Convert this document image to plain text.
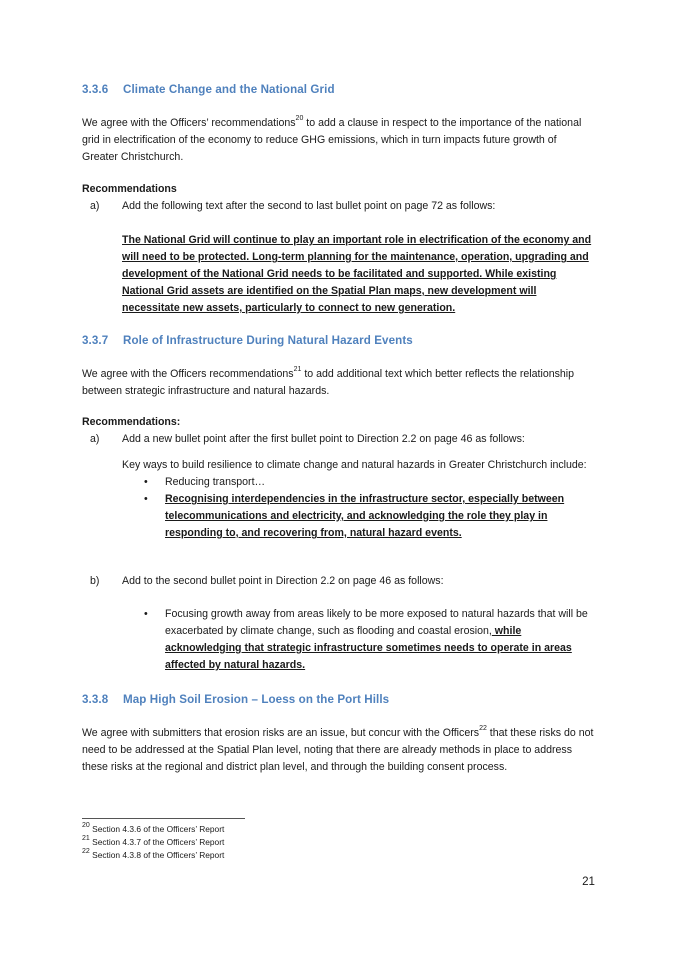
3.3.6 Climate Change and the National Grid

We agree with the Officers’ recommendations$^{20}$ to add a clause in respect to the importance of the national grid in electrification of the economy to reduce GHG emissions, which in turn impacts future growth of Greater Christchurch.

Recommendations
a)	Add the following text after the second to last bullet point on page 72 as follows:

The National Grid will continue to play an important role in electrification of the economy and will need to be protected. Long-term planning for the maintenance, operation, upgrading and development of the National Grid needs to be facilitated and supported. While existing National Grid assets are identified on the Spatial Plan maps, new development will necessitate new assets, particularly to connect to new generation.

3.3.7 Role of Infrastructure During Natural Hazard Events

We agree with the Officers recommendations$^{21}$ to add additional text which better reflects the relationship between strategic infrastructure and natural hazards.

Recommendations:
a)	Add a new bullet point after the first bullet point to Direction 2.2 on page 46 as follows:

Key ways to build resilience to climate change and natural hazards in Greater Christchurch include:

•	Reducing transport…
•	Recognising interdependencies in the infrastructure sector, especially between telecommunications and electricity, and acknowledging the role they play in responding to, and recovering from, natural hazard events.
b)	Add to the second bullet point in Direction 2.2 on page 46 as follows:
•	Focusing growth away from areas likely to be more exposed to natural hazards that will be exacerbated by climate change, such as flooding and coastal erosion, while acknowledging that strategic infrastructure sometimes needs to operate in areas affected by natural hazards.
3.3.8 Map High Soil Erosion – Loess on the Port Hills

We agree with submitters that erosion risks are an issue, but concur with the Officers$^{22}$ that these risks do not need to be addressed at the Spatial Plan level, noting that there are already methods in place to address these risks at the regional and district plan level, and through the building consent process.

$^{20}$ Section 4.3.6 of the Officers’ Report
$^{21}$ Section 4.3.7 of the Officers’ Report
$^{22}$ Section 4.3.8 of the Officers’ Report
21
